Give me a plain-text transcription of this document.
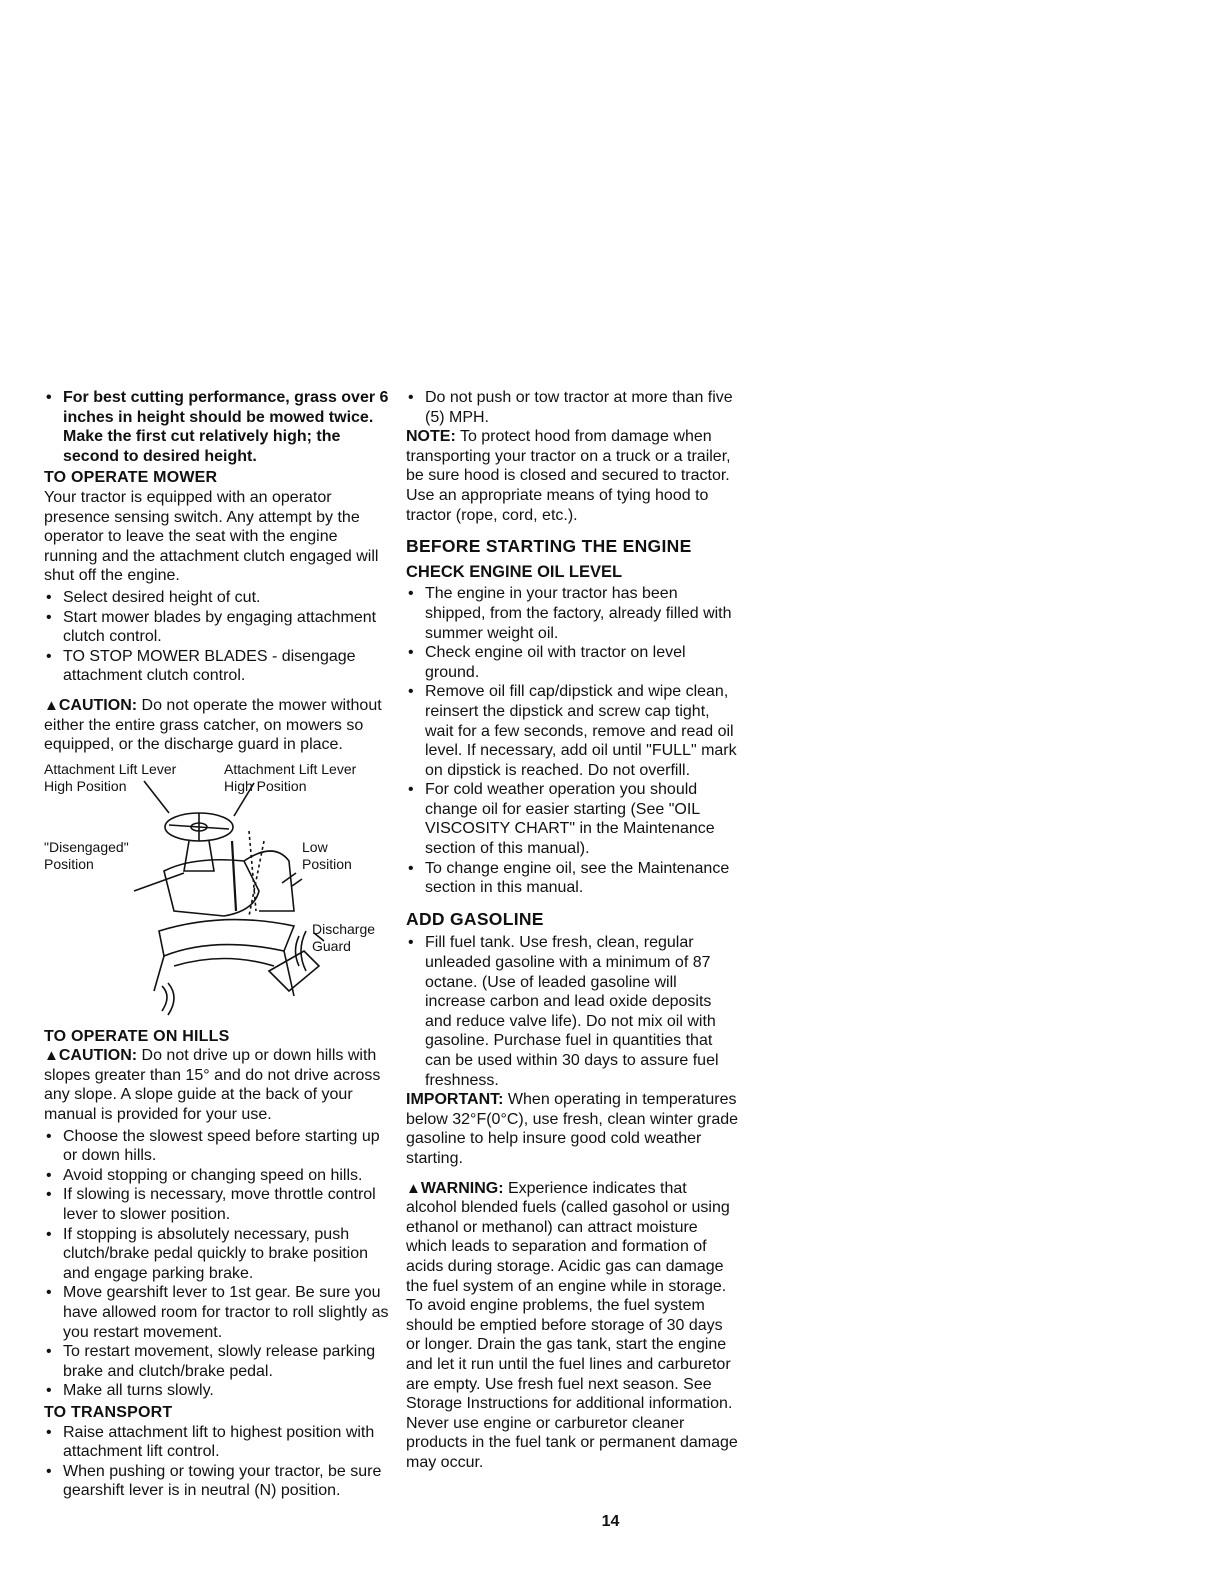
• For best cutting performance, grass over 6 inches in height should be mowed twice. Make the first cut relatively high; the second to desired height.
TO OPERATE MOWER

Your tractor is equipped with an operator presence sensing switch. Any attempt by the operator to leave the seat with the engine running and the attachment clutch engaged will shut off the engine.

• Select desired height of cut.
• Start mower blades by engaging attachment clutch control.
• TO STOP MOWER BLADES - disengage attachment clutch control.

▲CAUTION: Do not operate the mower without either the entire grass catcher, on mowers so equipped, or the discharge guard in place.

Attachment Lift Lever
High Position
Attachment Lift Lever
High Position
"Disengaged"
Position
Low
Position
Discharge
Guard
TO OPERATE ON HILLS

▲CAUTION: Do not drive up or down hills with slopes greater than 15° and do not drive across any slope. A slope guide at the back of your manual is provided for your use.

• Choose the slowest speed before starting up or down hills.
• Avoid stopping or changing speed on hills.
• If slowing is necessary, move throttle control lever to slower position.
• If stopping is absolutely necessary, push clutch/brake pedal quickly to brake position and engage parking brake.
• Move gearshift lever to 1st gear. Be sure you have allowed room for tractor to roll slightly as you restart movement.
• To restart movement, slowly release parking brake and clutch/brake pedal.
• Make all turns slowly.
TO TRANSPORT
• Raise attachment lift to highest position with attachment lift control.
• When pushing or towing your tractor, be sure gearshift lever is in neutral (N) position.
• Do not push or tow tractor at more than five (5) MPH.

NOTE: To protect hood from damage when transporting your tractor on a truck or a trailer, be sure hood is closed and secured to tractor. Use an appropriate means of tying hood to tractor (rope, cord, etc.).

BEFORE STARTING THE ENGINE
CHECK ENGINE OIL LEVEL
• The engine in your tractor has been shipped, from the factory, already filled with summer weight oil.
• Check engine oil with tractor on level ground.
• Remove oil fill cap/dipstick and wipe clean, reinsert the dipstick and screw cap tight, wait for a few seconds, remove and read oil level. If necessary, add oil until "FULL" mark on dipstick is reached. Do not overfill.
• For cold weather operation you should change oil for easier starting (See "OIL VISCOSITY CHART" in the Maintenance section of this manual).
• To change engine oil, see the Maintenance section in this manual.
ADD GASOLINE
• Fill fuel tank. Use fresh, clean, regular unleaded gasoline with a minimum of 87 octane. (Use of leaded gasoline will increase carbon and lead oxide deposits and reduce valve life). Do not mix oil with gasoline. Purchase fuel in quantities that can be used within 30 days to assure fuel freshness.

IMPORTANT: When operating in temperatures below 32°F(0°C), use fresh, clean winter grade gasoline to help insure good cold weather starting.

▲WARNING: Experience indicates that alcohol blended fuels (called gasohol or using ethanol or methanol) can attract moisture which leads to separation and formation of acids during storage. Acidic gas can damage the fuel system of an engine while in storage. To avoid engine problems, the fuel system should be emptied before storage of 30 days or longer. Drain the gas tank, start the engine and let it run until the fuel lines and carburetor are empty. Use fresh fuel next season. See Storage Instructions for additional information. Never use engine or carburetor cleaner products in the fuel tank or permanent damage may occur.

14
